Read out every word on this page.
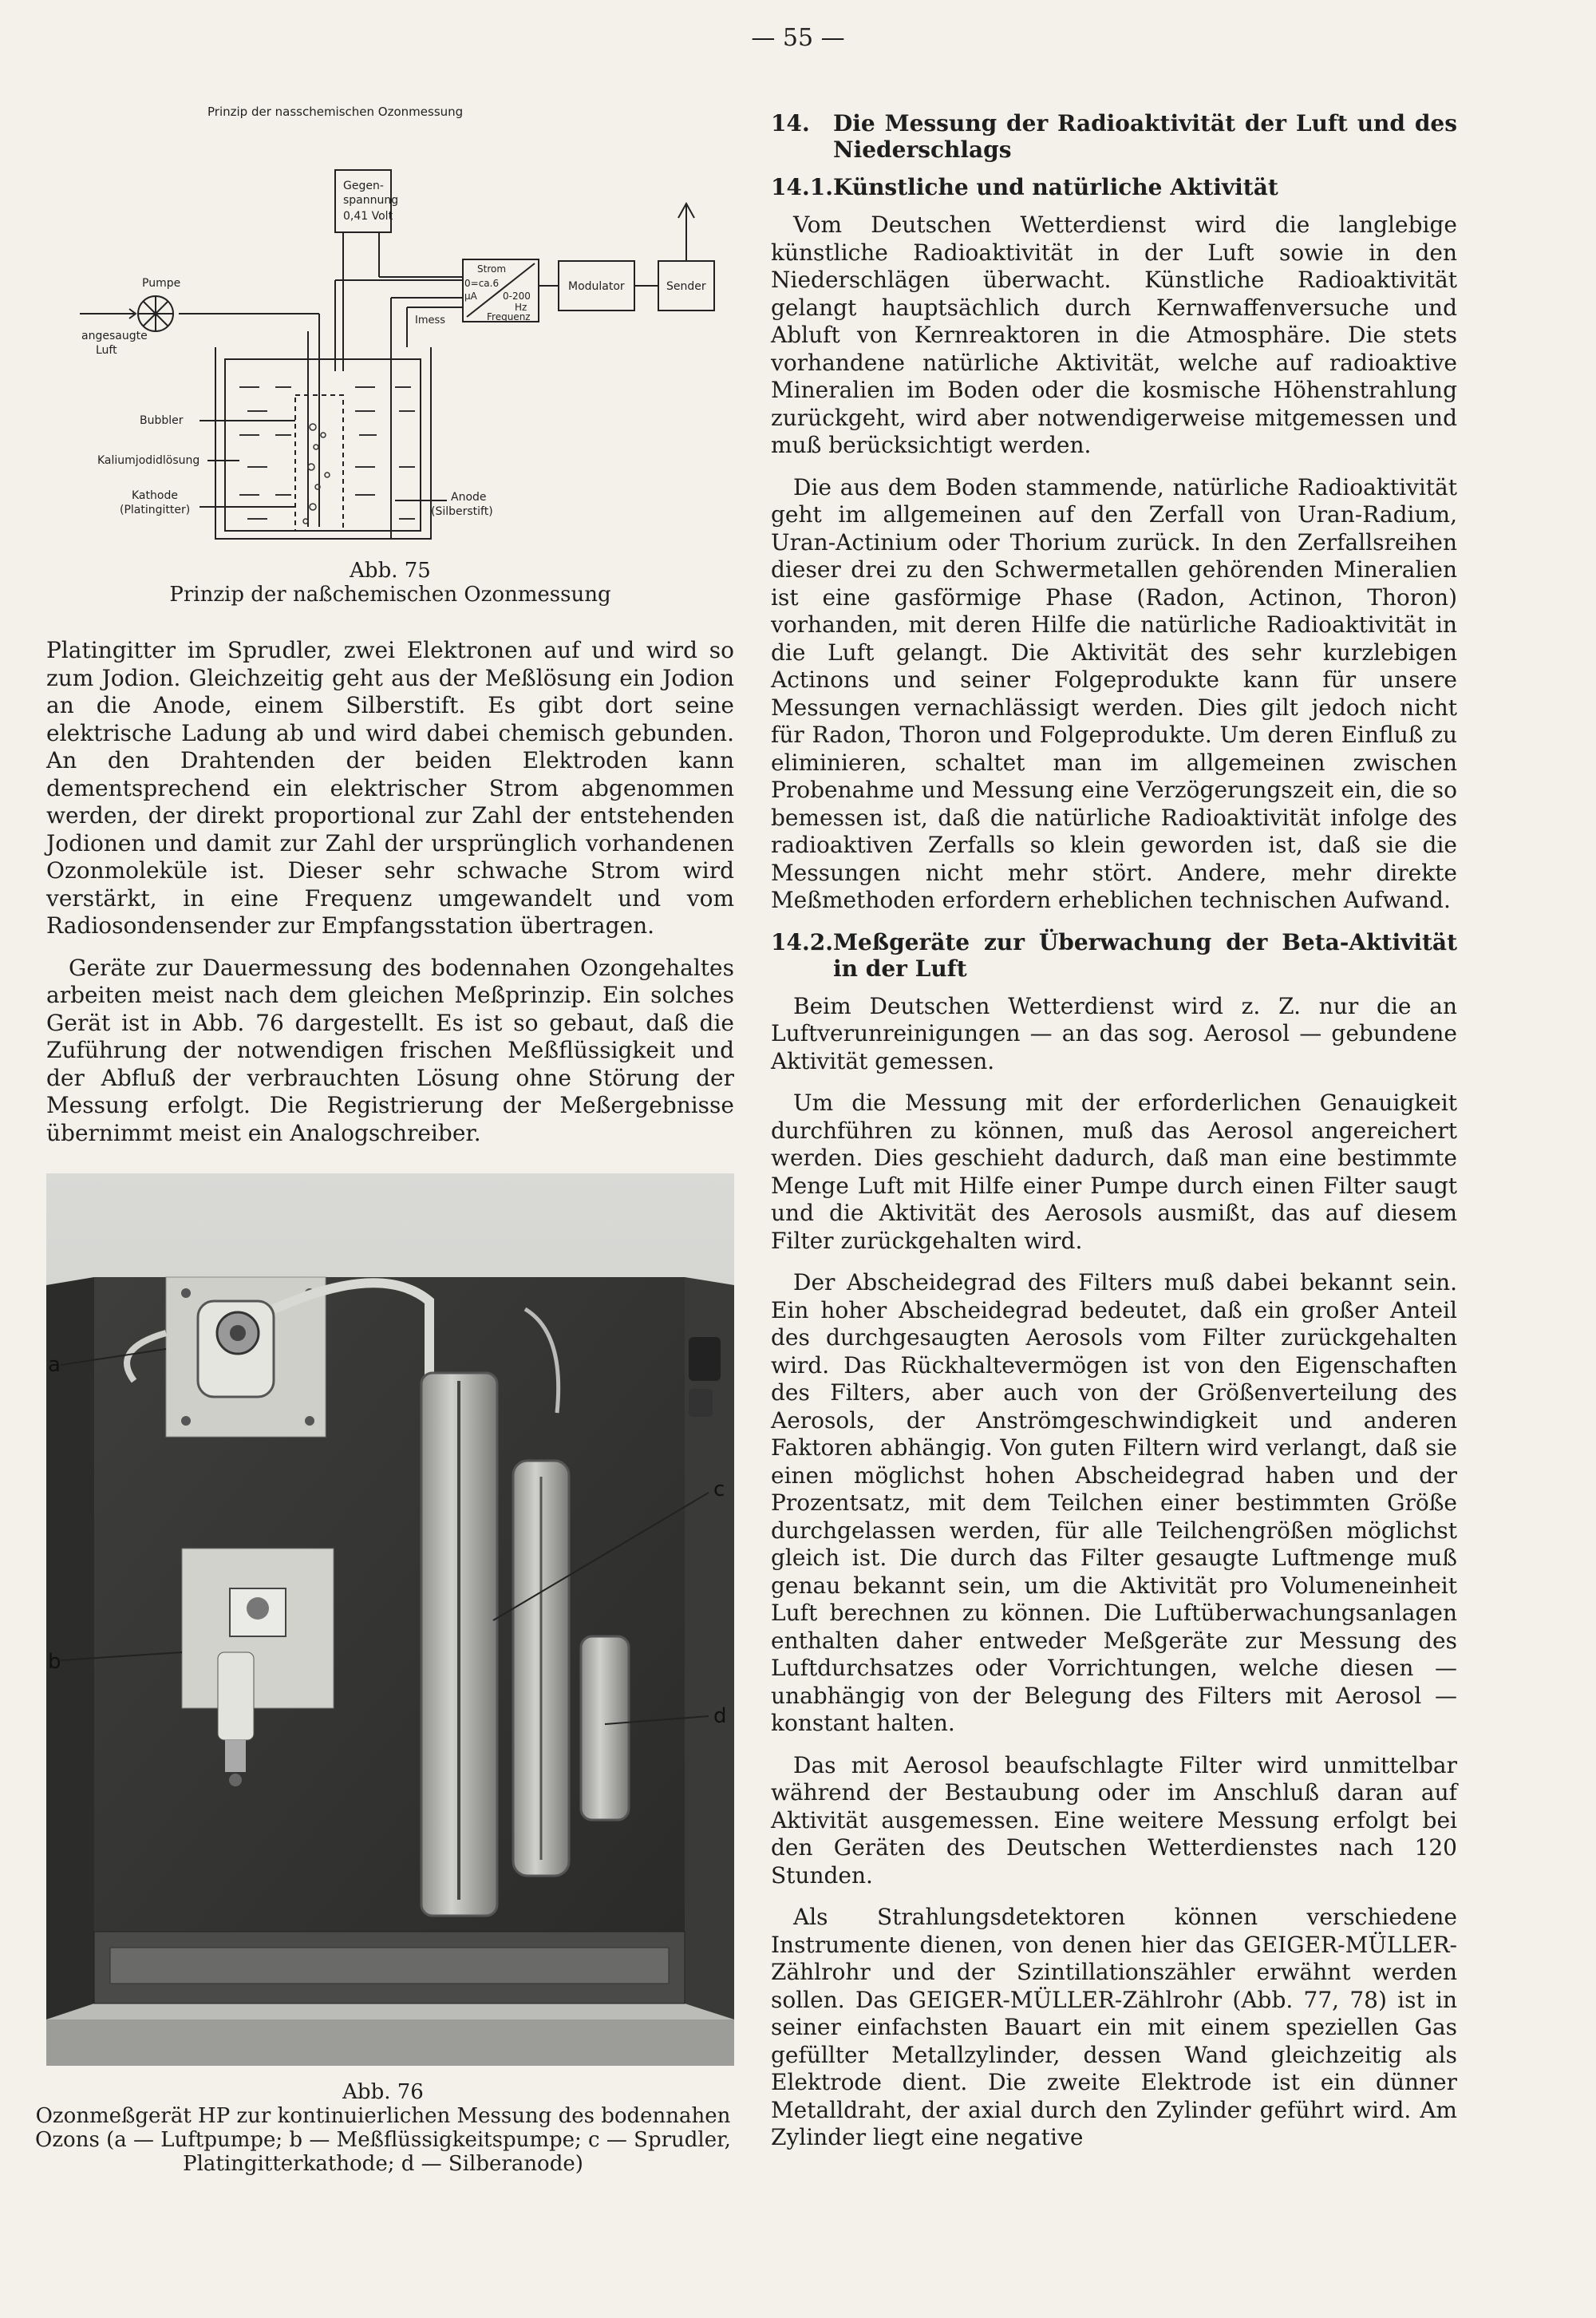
— 55 —
Prinzip der nasschemischen Ozonmessung
Gegen-
spannung
0,41 Volt
Pumpe
angesaugte
Luft
Strom
0=ca.6
µA	0-200
Hz
Frequenz
Imess
Modulator	Sender
Bubbler
Kaliumjodidlösung
Kathode
(Platingitter)
Anode
(Silberstift)
Abb. 75
Prinzip der naßchemischen Ozonmessung

Platingitter im Sprudler, zwei Elektronen auf und wird so zum Jodion. Gleichzeitig geht aus der Meßlösung ein Jodion an die Anode, einem Silberstift. Es gibt dort seine elektrische Ladung ab und wird dabei chemisch gebunden. An den Drahtenden der beiden Elektroden kann dementsprechend ein elektrischer Strom abgenommen werden, der direkt proportional zur Zahl der entstehenden Jodionen und damit zur Zahl der ursprünglich vorhandenen Ozonmoleküle ist. Dieser sehr schwache Strom wird verstärkt, in eine Frequenz umgewandelt und vom Radiosondensender zur Empfangsstation übertragen.

Geräte zur Dauermessung des bodennahen Ozongehaltes arbeiten meist nach dem gleichen Meßprinzip. Ein solches Gerät ist in Abb. 76 dargestellt. Es ist so gebaut, daß die Zuführung der notwendigen frischen Meßflüssigkeit und der Abfluß der verbrauchten Lösung ohne Störung der Messung erfolgt. Die Registrierung der Meßergebnisse übernimmt meist ein Analogschreiber.

a
b
c
d
Abb. 76
Ozonmeßgerät HP zur kontinuierlichen Messung des bodennahen Ozons (a — Luftpumpe; b — Meßflüssigkeitspumpe; c — Sprudler, Platingitterkathode; d — Silberanode)
14.	Die Messung der Radioaktivität der Luft und des Niederschlags
14.1. Künstliche und natürliche Aktivität

Vom Deutschen Wetterdienst wird die langlebige künstliche Radioaktivität in der Luft sowie in den Niederschlägen überwacht. Künstliche Radioaktivität gelangt hauptsächlich durch Kernwaffenversuche und Abluft von Kernreaktoren in die Atmosphäre. Die stets vorhandene natürliche Aktivität, welche auf radioaktive Mineralien im Boden oder die kosmische Höhenstrahlung zurückgeht, wird aber notwendigerweise mitgemessen und muß berücksichtigt werden.

Die aus dem Boden stammende, natürliche Radioaktivität geht im allgemeinen auf den Zerfall von Uran-Radium, Uran-Actinium oder Thorium zurück. In den Zerfallsreihen dieser drei zu den Schwermetallen gehörenden Mineralien ist eine gasförmige Phase (Radon, Actinon, Thoron) vorhanden, mit deren Hilfe die natürliche Radioaktivität in die Luft gelangt. Die Aktivität des sehr kurzlebigen Actinons und seiner Folgeprodukte kann für unsere Messungen vernachlässigt werden. Dies gilt jedoch nicht für Radon, Thoron und Folgeprodukte. Um deren Einfluß zu eliminieren, schaltet man im allgemeinen zwischen Probenahme und Messung eine Verzögerungszeit ein, die so bemessen ist, daß die natürliche Radioaktivität infolge des radioaktiven Zerfalls so klein geworden ist, daß sie die Messungen nicht mehr stört. Andere, mehr direkte Meßmethoden erfordern erheblichen technischen Aufwand.

14.2. Meßgeräte zur Überwachung der Beta-Aktivität in der Luft

Beim Deutschen Wetterdienst wird z. Z. nur die an Luftverunreinigungen — an das sog. Aerosol — gebundene Aktivität gemessen.

Um die Messung mit der erforderlichen Genauigkeit durchführen zu können, muß das Aerosol angereichert werden. Dies geschieht dadurch, daß man eine bestimmte Menge Luft mit Hilfe einer Pumpe durch einen Filter saugt und die Aktivität des Aerosols ausmißt, das auf diesem Filter zurückgehalten wird.

Der Abscheidegrad des Filters muß dabei bekannt sein. Ein hoher Abscheidegrad bedeutet, daß ein großer Anteil des durchgesaugten Aerosols vom Filter zurückgehalten wird. Das Rückhaltevermögen ist von den Eigenschaften des Filters, aber auch von der Größenverteilung des Aerosols, der Anströmgeschwindigkeit und anderen Faktoren abhängig. Von guten Filtern wird verlangt, daß sie einen möglichst hohen Abscheidegrad haben und der Prozentsatz, mit dem Teilchen einer bestimmten Größe durchgelassen werden, für alle Teilchengrößen möglichst gleich ist. Die durch das Filter gesaugte Luftmenge muß genau bekannt sein, um die Aktivität pro Volumeneinheit Luft berechnen zu können. Die Luftüberwachungsanlagen enthalten daher entweder Meßgeräte zur Messung des Luftdurchsatzes oder Vorrichtungen, welche diesen — unabhängig von der Belegung des Filters mit Aerosol — konstant halten.

Das mit Aerosol beaufschlagte Filter wird unmittelbar während der Bestaubung oder im Anschluß daran auf Aktivität ausgemessen. Eine weitere Messung erfolgt bei den Geräten des Deutschen Wetterdienstes nach 120 Stunden.

Als Strahlungsdetektoren können verschiedene Instrumente dienen, von denen hier das GEIGER-MÜLLER-Zählrohr und der Szintillationszähler erwähnt werden sollen. Das GEIGER-MÜLLER-Zählrohr (Abb. 77, 78) ist in seiner einfachsten Bauart ein mit einem speziellen Gas gefüllter Metallzylinder, dessen Wand gleichzeitig als Elektrode dient. Die zweite Elektrode ist ein dünner Metalldraht, der axial durch den Zylinder geführt wird. Am Zylinder liegt eine negative
